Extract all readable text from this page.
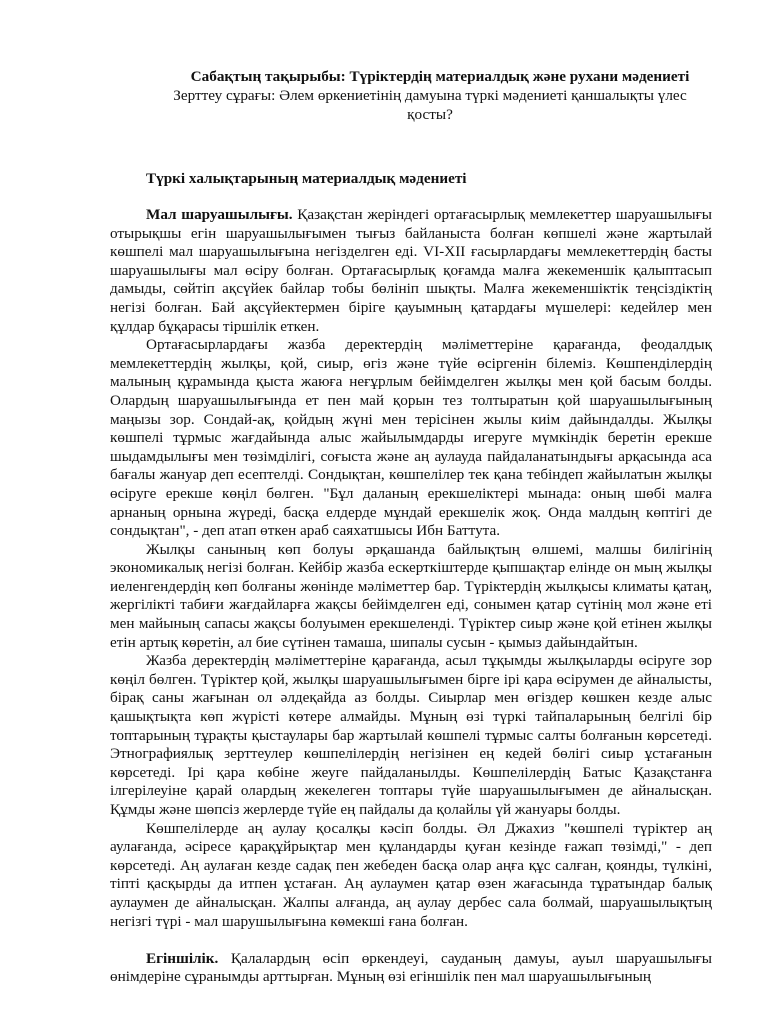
Сабақтың тақырыбы: Түріктердің материалдық және рухани мәдениеті
Зерттеу сұрағы: Әлем өркениетінің дамуына түркі мәдениеті қаншалықты үлес қосты?
Түркі халықтарының материалдық мәдениеті

Мал шаруашылығы. Қазақстан жеріндегі ортағасырлық мемлекеттер шаруашылығы отырықшы егін шаруашылығымен тығыз байланыста болған көпшелі және жартылай көшпелі мал шаруашылығына негізделген еді. VI-XII ғасырлардағы мемлекеттердің басты шаруашылығы мал өсіру болған. Ортағасырлық қоғамда малға жекеменшік қалыптасып дамыды, сөйтіп ақсүйек байлар тобы бөлініп шықты. Малға жекеменшіктік теңсіздіктің негізі болған. Бай ақсүйектермен біріге қауымның қатардағы мүшелері: кедейлер мен құлдар бұқарасы тіршілік еткен.

Ортағасырлардағы жазба деректердің мәліметтеріне қарағанда, феодалдық мемлекеттердің жылқы, қой, сиыр, өгіз және түйе өсіргенін білеміз. Көшпенділердің малының құрамында қыста жаюға неғұрлым бейімделген жылқы мен қой басым болды. Олардың шаруашылығында ет пен май қорын тез толтыратын қой шаруашылығының маңызы зор. Сондай-ақ, қойдың жүні мен терісінен жылы киім дайындалды. Жылқы көшпелі тұрмыс жағдайында алыс жайылымдарды игеруге мүмкіндік беретін ерекше шыдамдылығы мен төзімділігі, соғыста және аң аулауда пайдаланатындығы арқасында аса бағалы жануар деп есептелді. Сондықтан, көшпелілер тек қана тебіндеп жайылатын жылқы өсіруге ерекше көңіл бөлген. "Бұл даланың ерекшеліктері мынада: оның шөбі малға арнаның орнына жүреді, басқа елдерде мұндай ерекшелік жоқ. Онда малдың көптігі де сондықтан", - деп атап өткен араб саяхатшысы Ибн Баттута.

Жылқы санының көп болуы әрқашанда байлықтың өлшемі, малшы билігінің экономикалық негізі болған. Кейбір жазба ескерткіштерде қыпшақтар елінде он мың жылқы иеленгендердің көп болғаны жөнінде мәліметтер бар. Түріктердің жылқысы климаты қатаң, жергілікті табиғи жағдайларға жақсы бейімделген еді, сонымен қатар сүтінің мол және еті мен майының сапасы жақсы болуымен ерекшеленді. Түріктер сиыр және қой етінен жылқы етін артық көретін, ал бие сүтінен тамаша, шипалы сусын - қымыз дайындайтын.

Жазба деректердің мәліметтеріне қарағанда, асыл тұқымды жылқыларды өсіруге зор көңіл бөлген. Түріктер қой, жылқы шаруашылығымен бірге ірі қара өсірумен де айналысты, бірақ саны жағынан ол әлдеқайда аз болды. Сиырлар мен өгіздер көшкен кезде алыс қашықтықта көп жүрісті көтере алмайды. Мұның өзі түркі тайпаларының белгілі бір топтарының тұрақты қыстаулары бар жартылай көшпелі тұрмыс салты болғанын көрсетеді. Этнографиялық зерттеулер көшпелілердің негізінен ең кедей бөлігі сиыр ұстағанын көрсетеді. Ірі қара көбіне жеуге пайдаланылды. Көшпелілердің Батыс Қазақстанға ілгерілеуіне қарай олардың жекелеген топтары түйе шаруашылығымен де айналысқан. Құмды және шөпсіз жерлерде түйе ең пайдалы да қолайлы үй жануары болды.

Көшпелілерде аң аулау қосалқы кәсіп болды. Әл Джахиз "көшпелі түріктер аң аулағанда, әсіресе қарақұйрықтар мен құландарды қуған кезінде ғажап төзімді," - деп көрсетеді. Аң аулаған кезде садақ пен жебеден басқа олар аңға құс салған, қоянды, түлкіні, тіпті қасқырды да итпен ұстаған. Аң аулаумен қатар өзен жағасында тұратындар балық аулаумен де айналысқан. Жалпы алғанда, аң аулау дербес сала болмай, шаруашылықтың негізгі түрі - мал шарушылығына көмекші ғана болған.

Егіншілік. Қалалардың өсіп өркендеуі, сауданың дамуы, ауыл шаруашылығы өнімдеріне сұранымды арттырған. Мұның өзі егіншілік пен мал шаруашылығының
